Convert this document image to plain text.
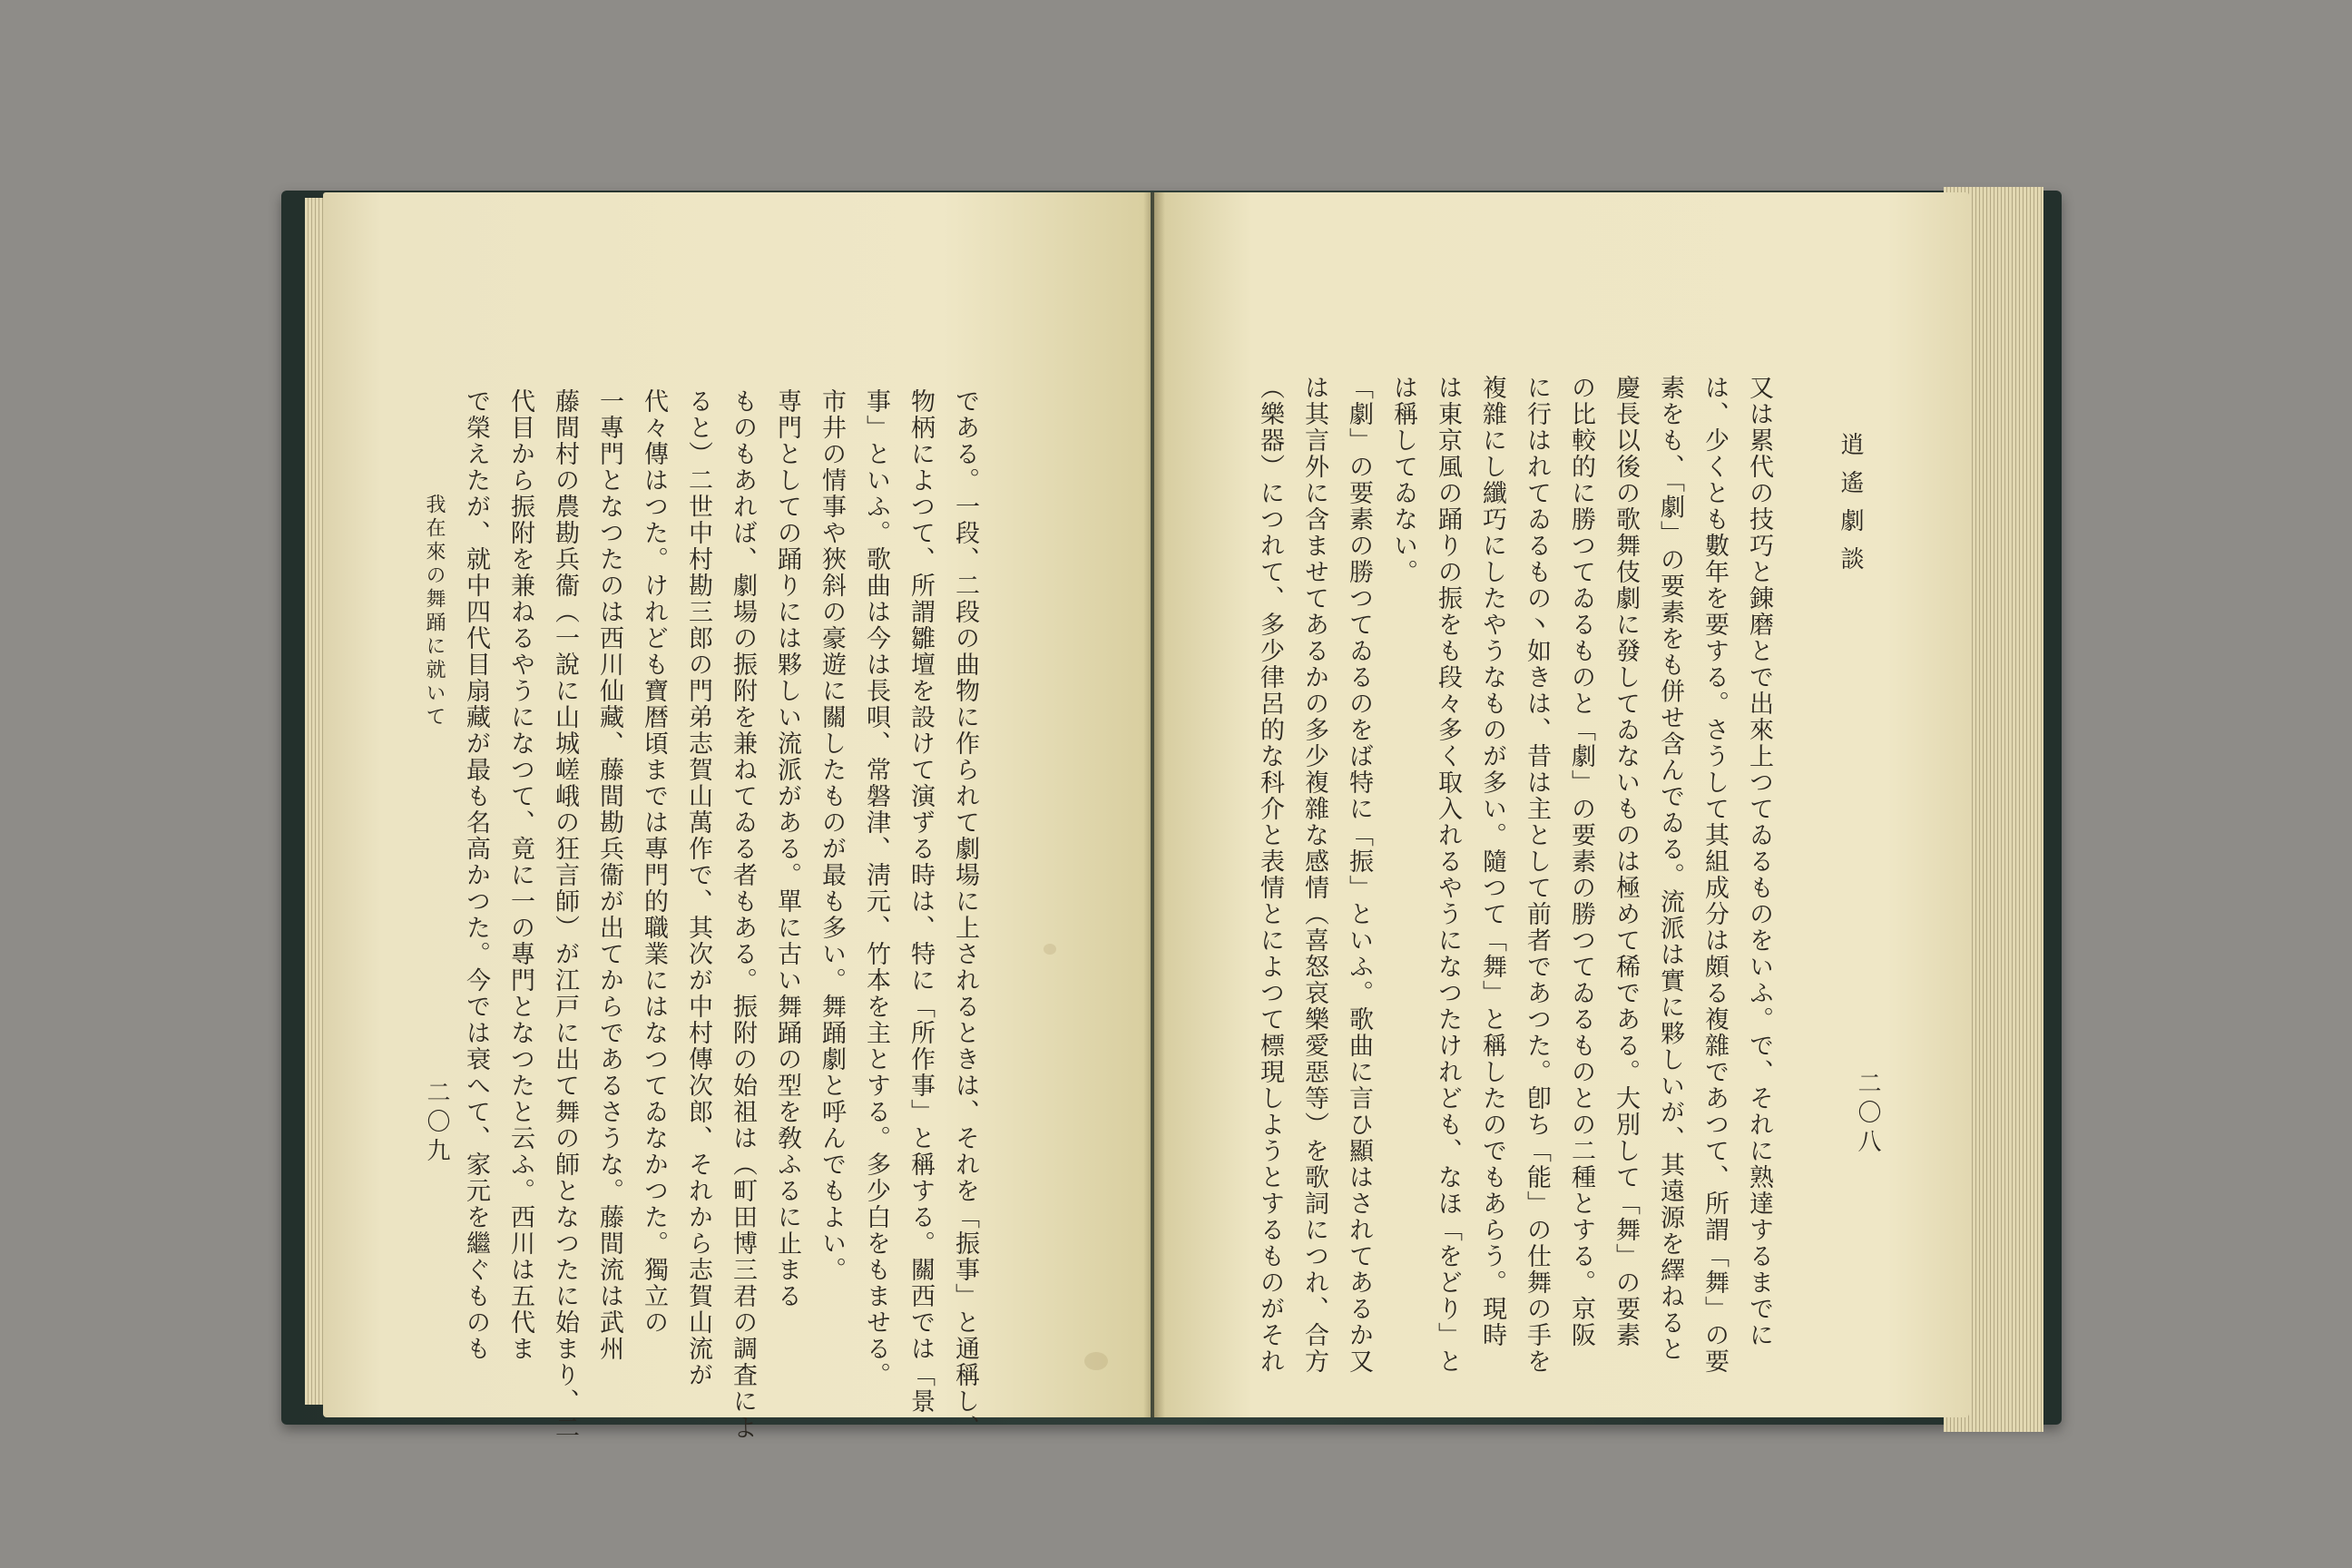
逍遙劇談
二〇八
又は累代の技巧と錬磨とで出來上つてゐるものをいふ。で、それに熟達するまでに
は、少くとも數年を要する。さうして其組成分は頗る複雜であつて、所謂「舞」の要
素をも、「劇」の要素をも併せ含んでゐる。流派は實に夥しいが、其遠源を繹ねると
慶長以後の歌舞伎劇に發してゐないものは極めて稀である。大別して「舞」の要素
の比較的に勝つてゐるものと「劇」の要素の勝つてゐるものとの二種とする。京阪
に行はれてゐるもの丶如きは、昔は主として前者であつた。卽ち「能」の仕舞の手を
複雜にし纖巧にしたやうなものが多い。隨つて「舞」と稱したのでもあらう。現時
は東京風の踊りの振をも段々多く取入れるやうになつたけれども、なほ「をどり」と
は稱してゐない。
「劇」の要素の勝つてゐるのをば特に「振」といふ。歌曲に言ひ顯はされてあるか又
は其言外に含ませてあるかの多少複雜な感情（喜怒哀樂愛惡等）を歌詞につれ、合方
（樂器）につれて、多少律呂的な科介と表情とによつて標現しようとするものがそれ
である。一段、二段の曲物に作られて劇場に上されるときは、それを「振事」と通稱し、
物柄によつて、所謂雛壇を設けて演ずる時は、特に「所作事」と稱する。關西では「景
事」といふ。歌曲は今は長唄、常磐津、淸元、竹本を主とする。多少白をもませる。
市井の情事や狹斜の豪遊に關したものが最も多い。舞踊劇と呼んでもよい。
専門としての踊りには夥しい流派がある。單に古い舞踊の型を敎ふるに止まる
ものもあれば、劇場の振附を兼ねてゐる者もある。振附の始祖は（町田博三君の調査によ
ると）二世中村勘三郎の門弟志賀山萬作で、其次が中村傳次郎、それから志賀山流が
代々傳はつた。けれども寶暦頃までは專門的職業にはなつてゐなかつた。獨立の
一專門となつたのは西川仙藏、藤間勘兵衞が出てからであるさうな。藤間流は武州
藤間村の農勘兵衞（一說に山城嵯峨の狂言師）が江戸に出て舞の師となつたに始まり、二
代目から振附を兼ねるやうになつて、竟に一の專門となつたと云ふ。西川は五代ま
で榮えたが、就中四代目扇藏が最も名高かつた。今では衰へて、家元を繼ぐものも
我在來の舞踊に就いて
二〇九
